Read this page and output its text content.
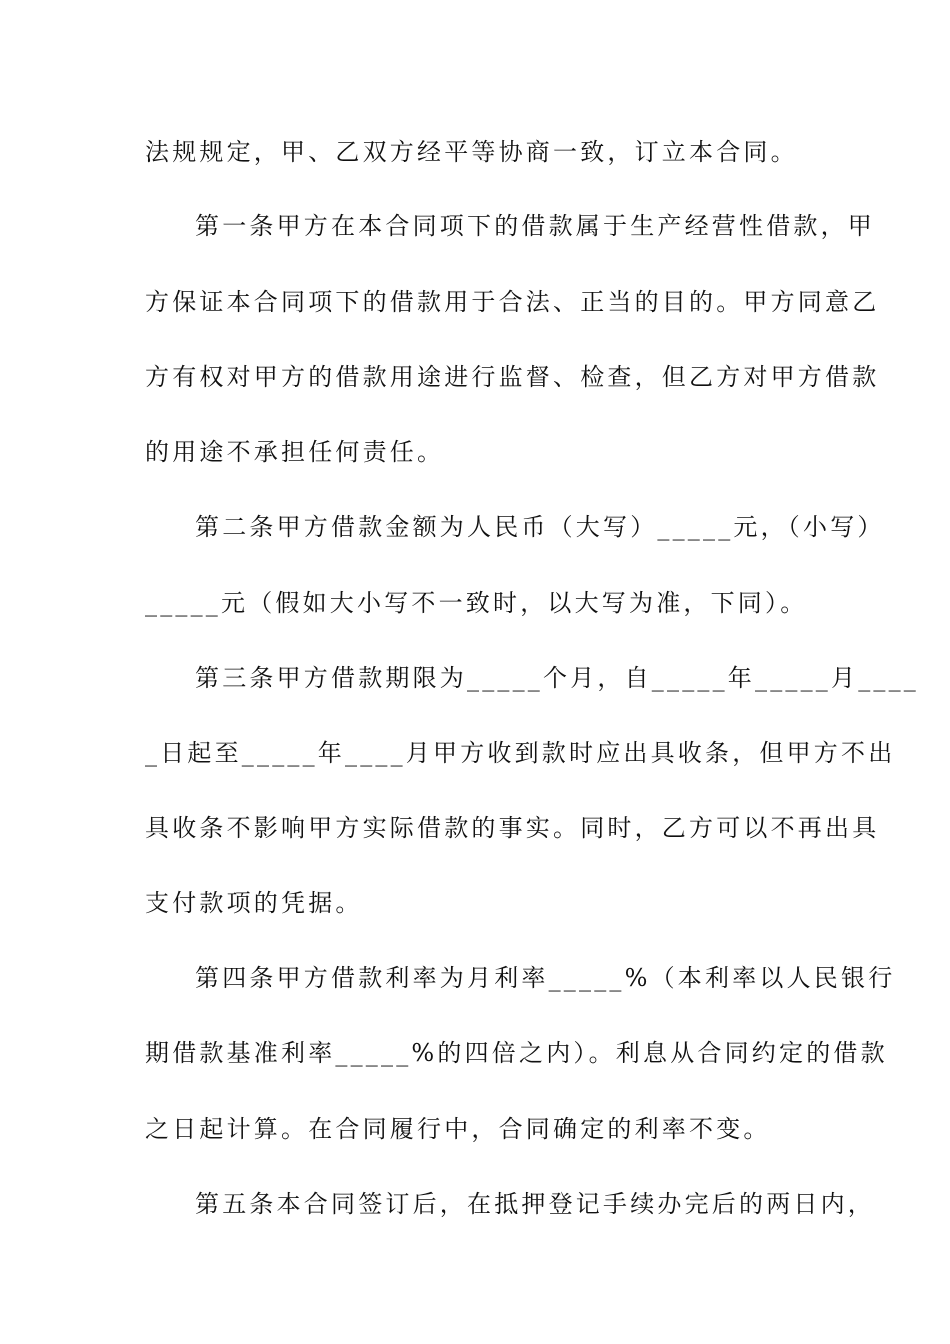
法规规定，甲、乙双方经平等协商一致，订立本合同。
第一条甲方在本合同项下的借款属于生产经营性借款，甲
方保证本合同项下的借款用于合法、正当的目的。甲方同意乙
方有权对甲方的借款用途进行监督、检查，但乙方对甲方借款
的用途不承担任何责任。
第二条甲方借款金额为人民币（大写）_____元，（小写）
_____元（假如大小写不一致时，以大写为准，下同）。
第三条甲方借款期限为_____个月，自_____年_____月____
_日起至_____年____月甲方收到款时应出具收条，但甲方不出
具收条不影响甲方实际借款的事实。同时，乙方可以不再出具
支付款项的凭据。
第四条甲方借款利率为月利率_____%（本利率以人民银行
期借款基准利率_____%的四倍之内）。利息从合同约定的借款
之日起计算。在合同履行中，合同确定的利率不变。
第五条本合同签订后，在抵押登记手续办完后的两日内，
